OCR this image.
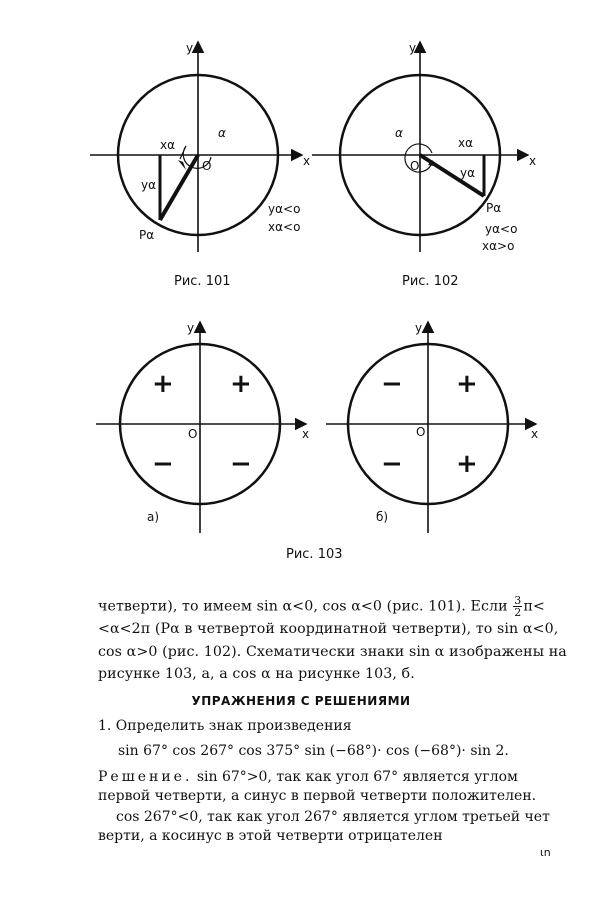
y
x
O
α
xα
yα
Pα
yα<o
xα<o
Рис. 101
y
x
O
α
xα
yα
Pα
yα<o
xα>o
Рис. 102
y
x
O
+ +
− −
а)
y
x
O
− +
− +
б)
Рис. 103

четверти), то имеем sin α<0, cos α<0 (рис. 101). Если $\frac{3}{2} \pi< <\alpha<2\pi$ (Pα в четвертой координатной четверти), то sin α<0, cos α>0 (рис. 102). Схематически знаки sin α изображены на рисунке 103, а, а cos α на рисунке 103, б.

УПРАЖНЕНИЯ С РЕШЕНИЯМИ
1. Определить знак произведения
sin 67° cos 267° cos 375° sin (−68°)· cos (−68°)· sin 2.
Решение. sin 67°>0, так как угол 67° является углом первой четверти, а синус в первой четверти положителен.
cos 267°<0, так как угол 267° является углом третьей чет верти, а косинус в этой четверти отрицателен
ιn
